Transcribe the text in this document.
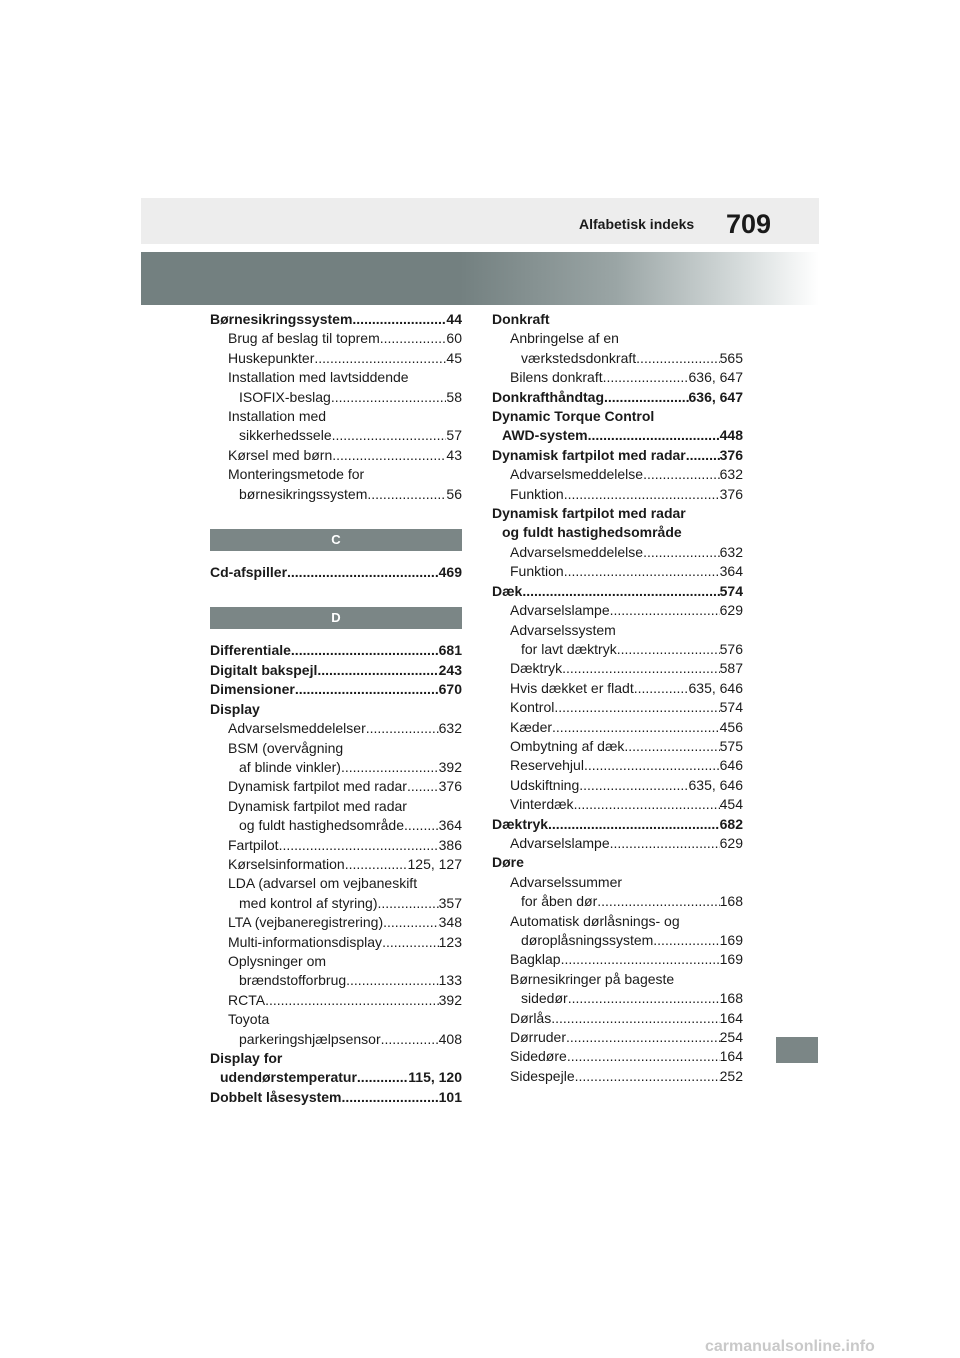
Alfabetisk indeks 709
Børnesikringssystem .....	44
Brug af beslag til toprem .....	60
Huskepunkter .....	45
Installation med lavtsiddende
ISOFIX-beslag .....	58
Installation med
sikkerhedssele .....	57
Kørsel med børn .....	43
Monteringsmetode for
børnesikringssystem .....	56
C
Cd-afspiller .....	469
D
Differentiale .....	681
Digitalt bakspejl .....	243
Dimensioner .....	670
Display
Advarselsmeddelelser .....	632
BSM (overvågning
af blinde vinkler) .....	392
Dynamisk fartpilot med radar ..... 376
Dynamisk fartpilot med radar
og fuldt hastighedsområde ..... 364
Fartpilot .....	386
Kørselsinformation .....	125, 127
LDA (advarsel om vejbaneskift
med kontrol af styring) .....	357
LTA (vejbaneregistrering) .....	348
Multi-informationsdisplay .....	123
Oplysninger om
brændstofforbrug .....	133
RCTA .....	392
Toyota
parkeringshjælpsensor .....	408
Display for
udendørstemperatur .....	115, 120
Dobbelt låsesystem .....	101
Donkraft
Anbringelse af en
værkstedsdonkraft .....	565
Bilens donkraft .....	636, 647
Donkrafthåndtag .....	636, 647
Dynamic Torque Control
AWD-system .....	448
Dynamisk fartpilot med radar ..... 376
Advarselsmeddelelse .....	632
Funktion .....	376
Dynamisk fartpilot med radar
og fuldt hastighedsområde
Advarselsmeddelelse .....	632
Funktion .....	364
Dæk .....	574
Advarselslampe .....	629
Advarselssystem
for lavt dæktryk .....	576
Dæktryk .....	587
Hvis dækket er fladt .....	635, 646
Kontrol .....	574
Kæder .....	456
Ombytning af dæk .....	575
Reservehjul .....	646
Udskiftning .....	635, 646
Vinterdæk .....	454
Dæktryk .....	682
Advarselslampe .....	629
Døre
Advarselssummer
for åben dør .....	168
Automatisk dørlåsnings- og
døroplåsningssystem .....	169
Bagklap .....	169
Børnesikringer på bageste
sidedør .....	168
Dørlås .....	164
Dørruder .....	254
Sidedøre .....	164
Sidespejle .....	252
carmanualsonline.info
